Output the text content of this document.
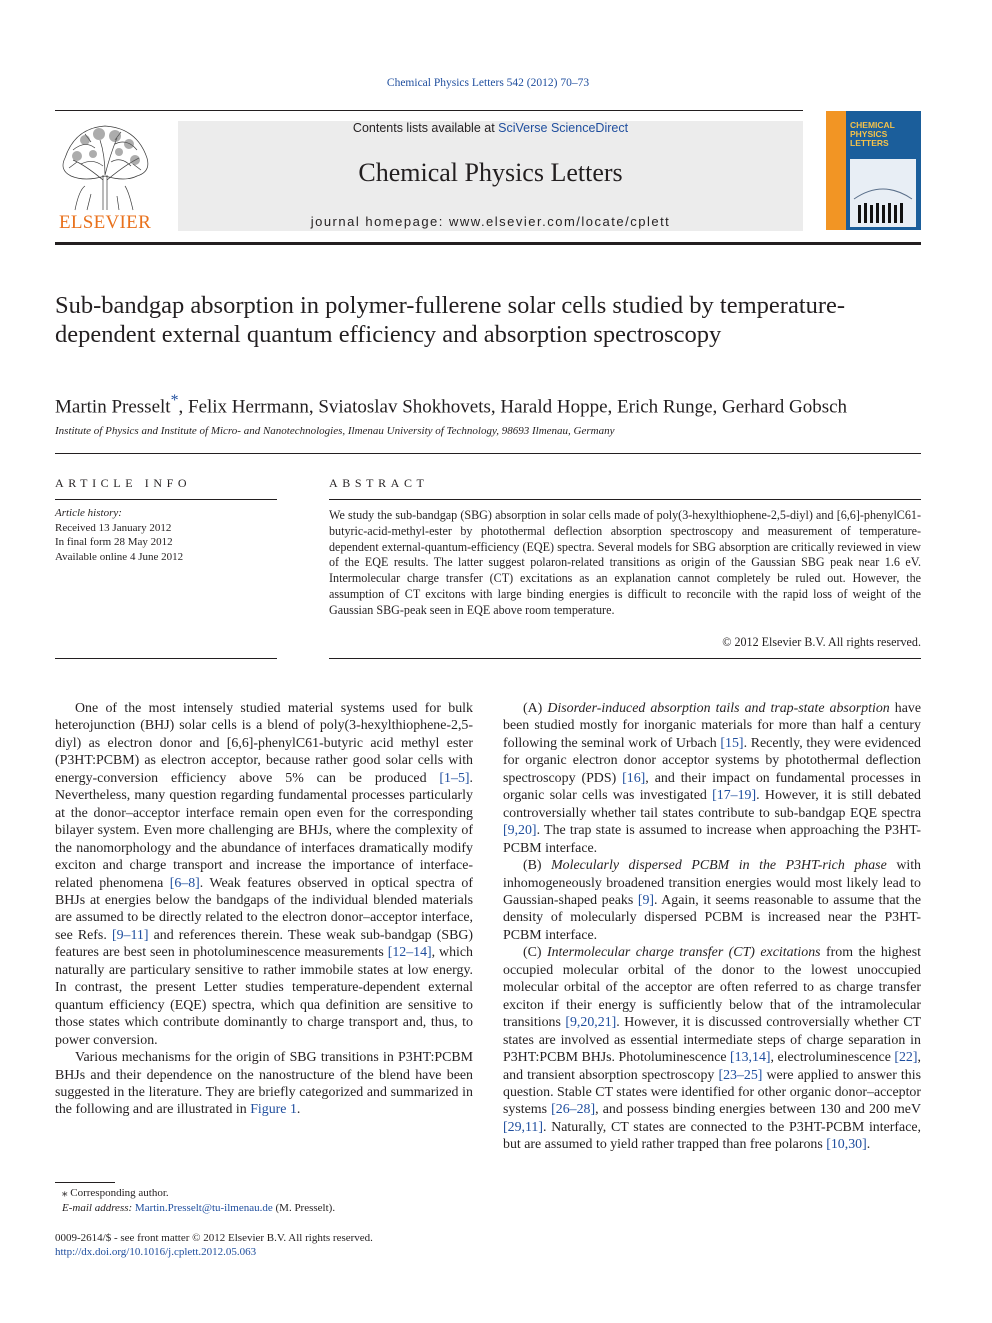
Chemical Physics Letters 542 (2012) 70–73
ELSEVIER
Contents lists available at SciVerse ScienceDirect
Chemical Physics Letters
journal homepage: www.elsevier.com/locate/cplett
CHEMICAL
PHYSICS
LETTERS
Sub-bandgap absorption in polymer-fullerene solar cells studied by temperature-dependent external quantum efficiency and absorption spectroscopy
Martin Presselt*, Felix Herrmann, Sviatoslav Shokhovets, Harald Hoppe, Erich Runge, Gerhard Gobsch
Institute of Physics and Institute of Micro- and Nanotechnologies, Ilmenau University of Technology, 98693 Ilmenau, Germany
ARTICLE INFO
Article history:
Received 13 January 2012
In final form 28 May 2012
Available online 4 June 2012
ABSTRACT
We study the sub-bandgap (SBG) absorption in solar cells made of poly(3-hexylthiophene-2,5-diyl) and [6,6]-phenylC61-butyric-acid-methyl-ester by photothermal deflection absorption spectroscopy and measurement of temperature-dependent external-quantum-efficiency (EQE) spectra. Several models for SBG absorption are critically reviewed in view of the EQE results. The latter suggest polaron-related transitions as origin of the Gaussian SBG peak near 1.6 eV. Intermolecular charge transfer (CT) excitations as an explanation cannot completely be ruled out. However, the assumption of CT excitons with large binding energies is difficult to reconcile with the rapid loss of weight of the Gaussian SBG-peak seen in EQE above room temperature.
© 2012 Elsevier B.V. All rights reserved.

One of the most intensely studied material systems used for bulk heterojunction (BHJ) solar cells is a blend of poly(3-hexylthiophene-2,5-diyl) as electron donor and [6,6]-phenylC61-butyric acid methyl ester (P3HT:PCBM) as electron acceptor, because rather good solar cells with energy-conversion efficiency above 5% can be produced [1–5]. Nevertheless, many question regarding fundamental processes particularly at the donor–acceptor interface remain open even for the corresponding bilayer system. Even more challenging are BHJs, where the complexity of the nanomorphology and the abundance of interfaces dramatically modify exciton and charge transport and increase the importance of interface-related phenomena [6–8]. Weak features observed in optical spectra of BHJs at energies below the bandgaps of the individual blended materials are assumed to be directly related to the electron donor–acceptor interface, see Refs. [9–11] and references therein. These weak sub-bandgap (SBG) features are best seen in photoluminescence measurements [12–14], which naturally are particulary sensitive to rather immobile states at low energy. In contrast, the present Letter studies temperature-dependent external quantum efficiency (EQE) spectra, which qua definition are sensitive to those states which contribute dominantly to charge transport and, thus, to power conversion.

Various mechanisms for the origin of SBG transitions in P3HT:PCBM BHJs and their dependence on the nanostructure of the blend have been suggested in the literature. They are briefly categorized and summarized in the following and are illustrated in Figure 1.

(A) Disorder-induced absorption tails and trap-state absorption have been studied mostly for inorganic materials for more than half a century following the seminal work of Urbach [15]. Recently, they were evidenced for organic electron donor acceptor systems by photothermal deflection spectroscopy (PDS) [16], and their impact on fundamental processes in organic solar cells was investigated [17–19]. However, it is still debated controversially whether tail states contribute to sub-bandgap EQE spectra [9,20]. The trap state is assumed to increase when approaching the P3HT-PCBM interface.

(B) Molecularly dispersed PCBM in the P3HT-rich phase with inhomogeneously broadened transition energies would most likely lead to Gaussian-shaped peaks [9]. Again, it seems reasonable to assume that the density of molecularly dispersed PCBM is increased near the P3HT-PCBM interface.

(C) Intermolecular charge transfer (CT) excitations from the highest occupied molecular orbital of the donor to the lowest unoccupied molecular orbital of the acceptor are often referred to as charge transfer exciton if their energy is sufficiently below that of the intramolecular transitions [9,20,21]. However, it is discussed controversially whether CT states are involved as essential intermediate steps of charge separation in P3HT:PCBM BHJs. Photoluminescence [13,14], electroluminescence [22], and transient absorption spectroscopy [23–25] were applied to answer this question. Stable CT states were identified for other organic donor–acceptor systems [26–28], and possess binding energies between 130 and 200 meV [29,11]. Naturally, CT states are connected to the P3HT-PCBM interface, but are assumed to yield rather trapped than free polarons [10,30].

⁎ Corresponding author.
E-mail address: Martin.Presselt@tu-ilmenau.de (M. Presselt).
0009-2614/$ - see front matter © 2012 Elsevier B.V. All rights reserved.
http://dx.doi.org/10.1016/j.cplett.2012.05.063
